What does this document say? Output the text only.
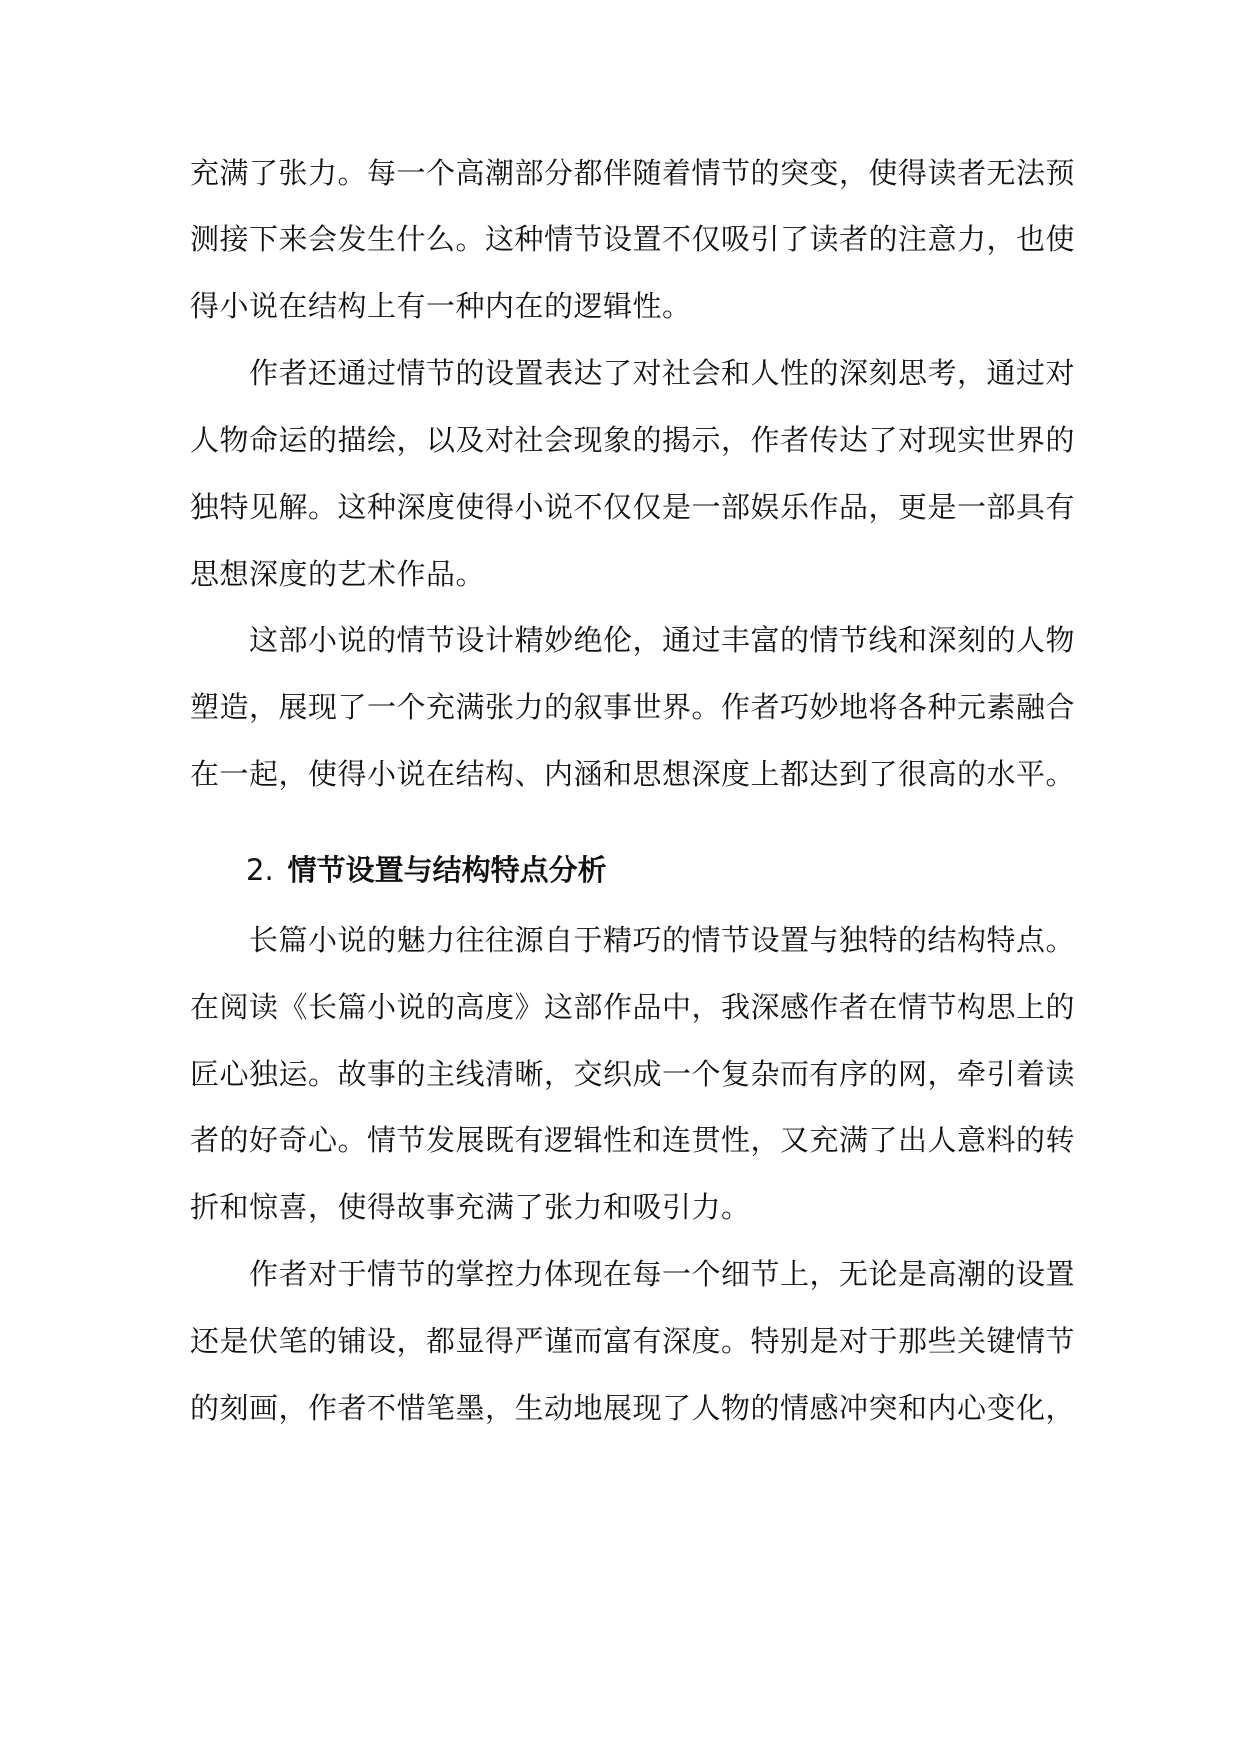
充满了张力。每一个高潮部分都伴随着情节的突变，使得读者无法预
测接下来会发生什么。这种情节设置不仅吸引了读者的注意力，也使
得小说在结构上有一种内在的逻辑性。
作者还通过情节的设置表达了对社会和人性的深刻思考，通过对
人物命运的描绘，以及对社会现象的揭示，作者传达了对现实世界的
独特见解。这种深度使得小说不仅仅是一部娱乐作品，更是一部具有
思想深度的艺术作品。
这部小说的情节设计精妙绝伦，通过丰富的情节线和深刻的人物
塑造，展现了一个充满张力的叙事世界。作者巧妙地将各种元素融合
在一起，使得小说在结构、内涵和思想深度上都达到了很高的水平。
2. 情节设置与结构特点分析
长篇小说的魅力往往源自于精巧的情节设置与独特的结构特点。
在阅读《长篇小说的高度》这部作品中，我深感作者在情节构思上的
匠心独运。故事的主线清晰，交织成一个复杂而有序的网，牵引着读
者的好奇心。情节发展既有逻辑性和连贯性，又充满了出人意料的转
折和惊喜，使得故事充满了张力和吸引力。
作者对于情节的掌控力体现在每一个细节上，无论是高潮的设置
还是伏笔的铺设，都显得严谨而富有深度。特别是对于那些关键情节
的刻画，作者不惜笔墨，生动地展现了人物的情感冲突和内心变化，
